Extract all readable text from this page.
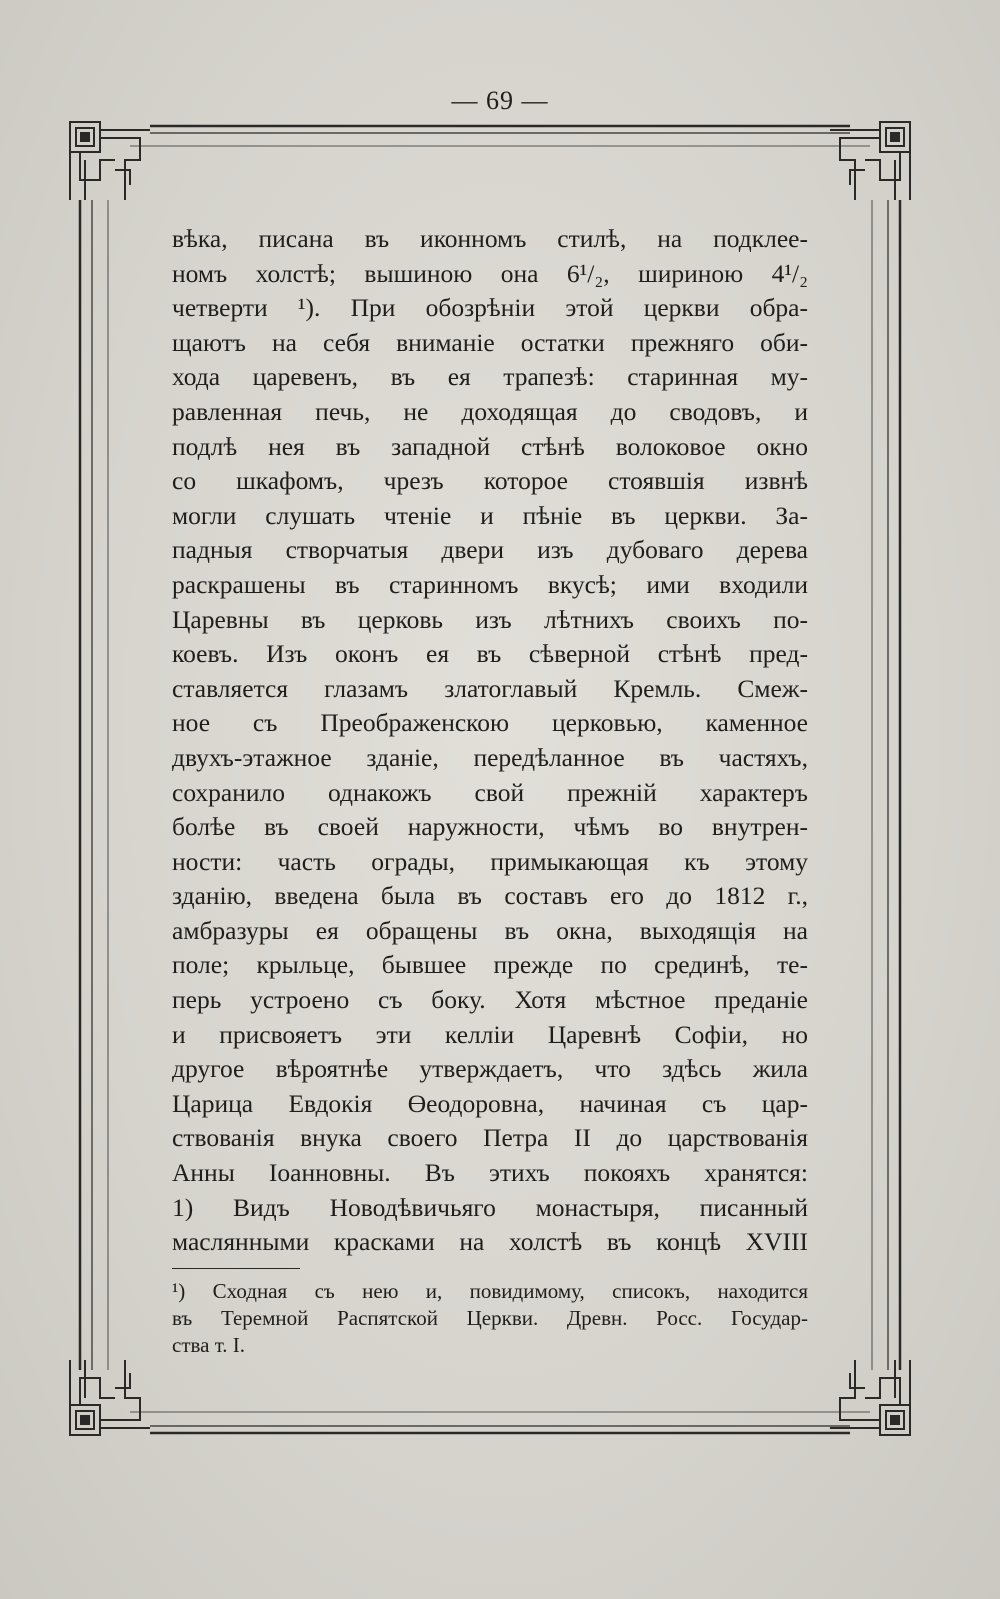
— 69 —
вѣка, писана въ иконномъ стилѣ, на подклее-
номъ холстѣ; вышиною она 6¹/₂, шириною 4¹/₂
четверти ¹). При обозрѣніи этой церкви обра-
щаютъ на себя вниманіе остатки прежняго оби-
хода царевенъ, въ ея трапезѣ: старинная му-
равленная печь, не доходящая до сводовъ, и
подлѣ нея въ западной стѣнѣ волоковое окно
со шкафомъ, чрезъ которое стоявшія извнѣ
могли слушать чтеніе и пѣніе въ церкви. За-
падныя створчатыя двери изъ дубоваго дерева
раскрашены въ старинномъ вкусѣ; ими входили
Царевны въ церковь изъ лѣтнихъ своихъ по-
коевъ. Изъ оконъ ея въ сѣверной стѣнѣ пред-
ставляется глазамъ златоглавый Кремль. Смеж-
ное съ Преображенскою церковью, каменное
двухъ-этажное зданіе, передѣланное въ частяхъ,
сохранило однакожъ свой прежній характеръ
болѣе въ своей наружности, чѣмъ во внутрен-
ности: часть ограды, примыкающая къ этому
зданію, введена была въ составъ его до 1812 г.,
амбразуры ея обращены въ окна, выходящія на
поле; крыльце, бывшее прежде по срединѣ, те-
перь устроено съ боку. Хотя мѣстное преданіе
и присвояетъ эти келліи Царевнѣ Софіи, но
другое вѣроятнѣе утверждаетъ, что здѣсь жила
Царица Евдокія Өеодоровна, начиная съ цар-
ствованія внука своего Петра II до царствованія
Анны Іоанновны. Въ этихъ покояхъ хранятся:
1) Видъ Новодѣвичьяго монастыря, писанный
маслянными красками на холстѣ въ концѣ XVIII
¹) Сходная съ нею и, повидимому, списокъ, находится
въ Теремной Распятской Церкви. Древн. Росс. Государ-
ства т. I.
